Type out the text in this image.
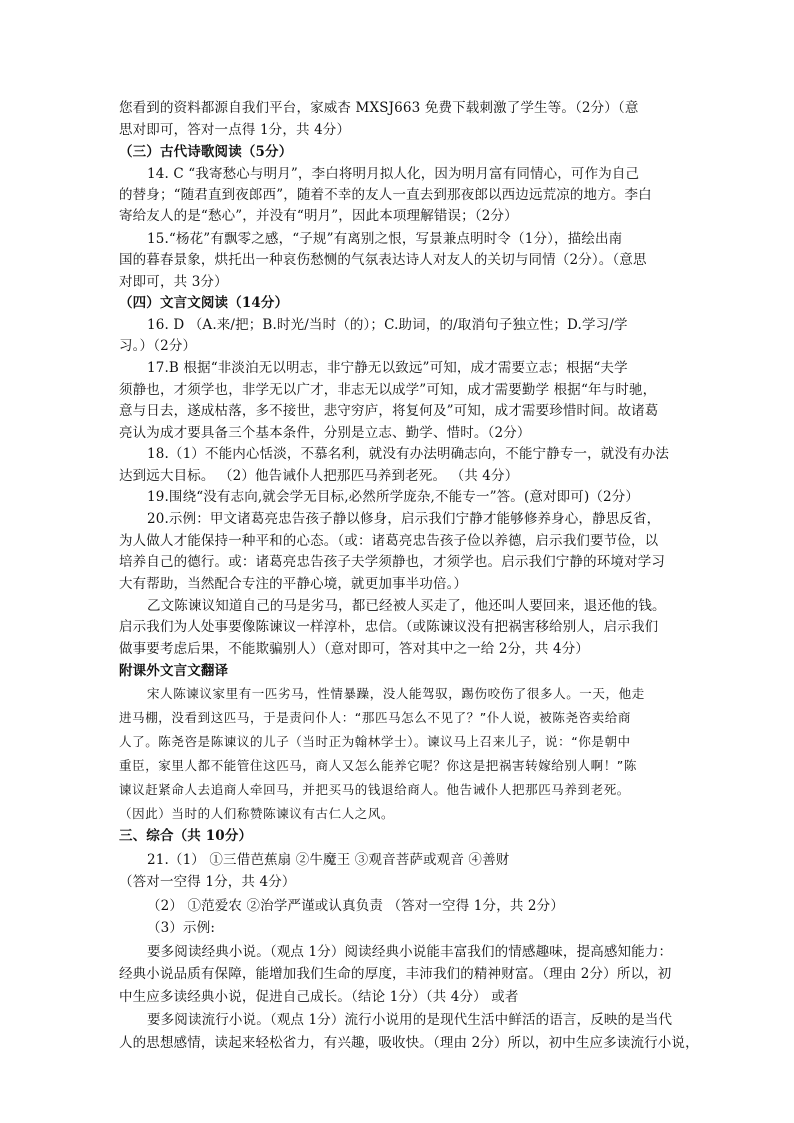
您看到的资料都源自我们平台，家威杏 MXSJ663 免费下载刺激了学生等。（2分）（意
思对即可，答对一点得 1分，共 4分）
（三）古代诗歌阅读（5分）
14. C “我寄愁心与明月”，李白将明月拟人化，因为明月富有同情心，可作为自己
的替身；“随君直到夜郎西”，随着不幸的友人一直去到那夜郎以西边远荒凉的地方。李白
寄给友人的是“愁心”，并没有“明月”，因此本项理解错误；（2分）
15.“杨花”有飘零之感，“子规”有离别之恨，写景兼点明时令（1分），描绘出南
国的暮春景象，烘托出一种哀伤愁恻的气氛表达诗人对友人的关切与同情（2分）。（意思
对即可，共 3分）
（四）文言文阅读（14分）
16. D （A.来/把；B.时光/当时（的）；C.助词，的/取消句子独立性；D.学习/学
习。）（2分）
17.B 根据“非淡泊无以明志，非宁静无以致远”可知，成才需要立志；根据“夫学
须静也，才须学也，非学无以广才，非志无以成学”可知，成才需要勤学 根据“年与时驰，
意与日去，遂成枯落，多不接世，悲守穷庐，将复何及”可知，成才需要珍惜时间。故诸葛
亮认为成才要具备三个基本条件，分别是立志、勤学、惜时。（2分）
18.（1）不能内心恬淡，不慕名利，就没有办法明确志向，不能宁静专一，就没有办法
达到远大目标。 （2）他告诫仆人把那匹马养到老死。 （共 4分）
19.围绕“没有志向,就会学无目标,必然所学庞杂,不能专一”答。(意对即可)（2分）
20.示例：甲文诸葛亮忠告孩子静以修身，启示我们宁静才能够修养身心，静思反省，
为人做人才能保持一种平和的心态。（或：诸葛亮忠告孩子俭以养德，启示我们要节俭，以
培养自己的德行。或：诸葛亮忠告孩子夫学须静也，才须学也。启示我们宁静的环境对学习
大有帮助，当然配合专注的平静心境，就更加事半功倍。）
乙文陈谏议知道自己的马是劣马，都已经被人买走了，他还叫人要回来，退还他的钱。
启示我们为人处事要像陈谏议一样淳朴，忠信。（或陈谏议没有把祸害移给别人，启示我们
做事要考虑后果，不能欺骗别人）（意对即可，答对其中之一给 2分，共 4分）
附课外文言文翻译
宋人陈谏议家里有一匹劣马，性情暴躁，没人能驾驭，踢伤咬伤了很多人。一天，他走
进马棚，没看到这匹马，于是责问仆人：“那匹马怎么不见了？”仆人说，被陈尧咨卖给商
人了。陈尧咨是陈谏议的儿子（当时正为翰林学士）。谏议马上召来儿子，说：“你是朝中
重臣，家里人都不能管住这匹马，商人又怎么能养它呢？你这是把祸害转嫁给别人啊！”陈
谏议赶紧命人去追商人牵回马，并把买马的钱退给商人。他告诫仆人把那匹马养到老死。
（因此）当时的人们称赞陈谏议有古仁人之风。
三、综合（共 10分）
21.（1） ①三借芭蕉扇 ②牛魔王 ③观音菩萨或观音 ④善财
（答对一空得 1分，共 4分）
（2） ①范爱农 ②治学严谨或认真负责 （答对一空得 1分，共 2分）
（3）示例:
要多阅读经典小说。（观点 1分）阅读经典小说能丰富我们的情感趣味，提高感知能力：
经典小说品质有保障，能增加我们生命的厚度，丰沛我们的精神财富。（理由 2分）所以，初
中生应多读经典小说，促进自己成长。（结论 1分）（共 4分） 或者
要多阅读流行小说。（观点 1分）流行小说用的是现代生活中鲜活的语言，反映的是当代
人的思想感情，读起来轻松省力，有兴趣，吸收快。（理由 2分）所以，初中生应多读流行小说，
